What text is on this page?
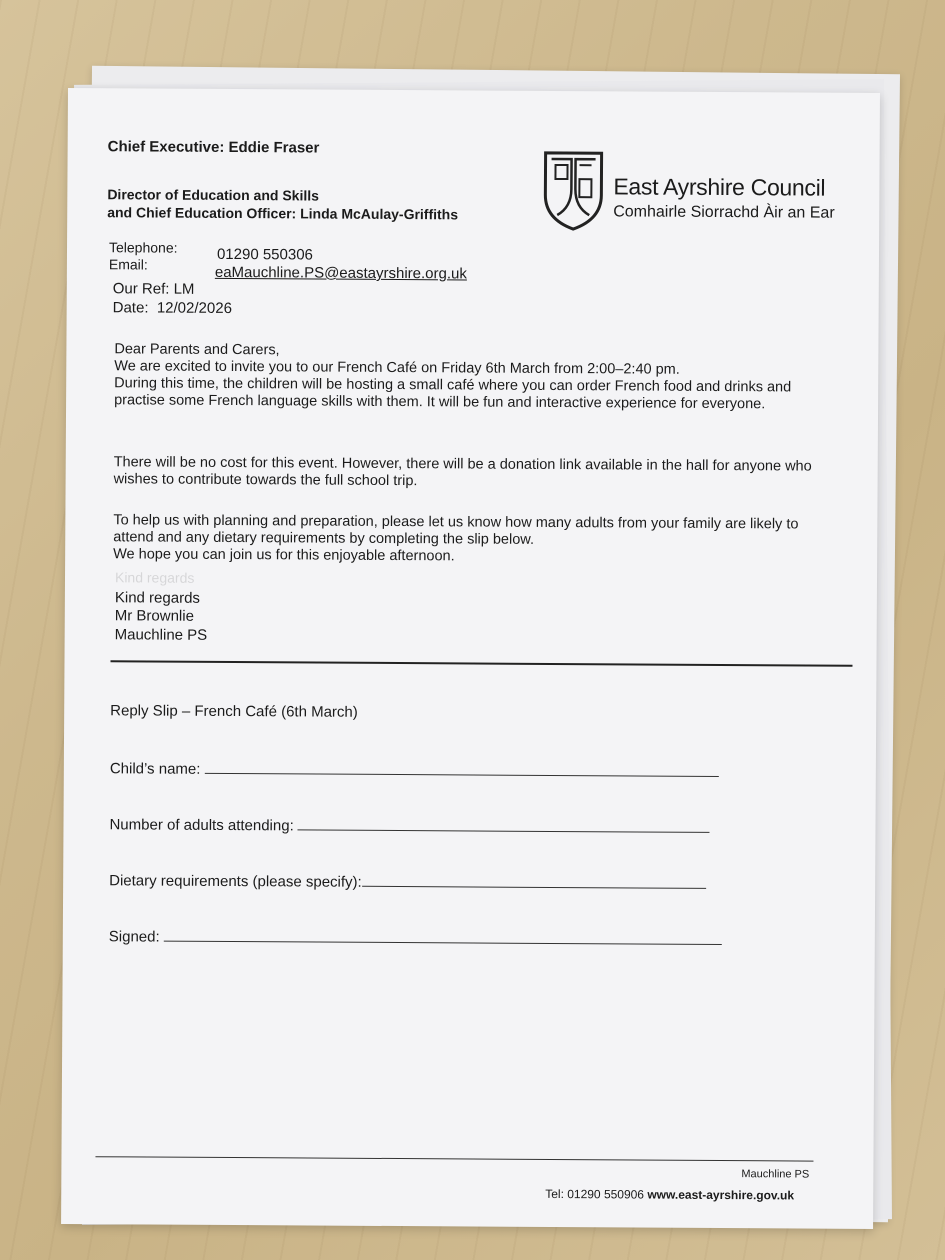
Chief Executive: Eddie Fraser
Director of Education and Skills
and Chief Education Officer: Linda McAulay-Griffiths
East Ayrshire Council
Comhairle Siorrachd Àir an Ear
Telephone:	01290 550306
Email:	eaMauchline.PS@eastayrshire.org.uk
Our Ref: LM
Date: 12/02/2026

Dear Parents and Carers,

We are excited to invite you to our French Café on Friday 6th March from 2:00–2:40 pm.

During this time, the children will be hosting a small café where you can order French food and drinks and practise some French language skills with them. It will be fun and interactive experience for everyone.

There will be no cost for this event. However, there will be a donation link available in the hall for anyone who wishes to contribute towards the full school trip.

To help us with planning and preparation, please let us know how many adults from your family are likely to attend and any dietary requirements by completing the slip below.

We hope you can join us for this enjoyable afternoon.

Kind regards
Kind regards
Mr Brownlie
Mauchline PS
Reply Slip – French Café (6th March)
Child’s name:
Number of adults attending:
Dietary requirements (please specify):
Signed:
Mauchline PS
Tel: 01290 550906 www.east-ayrshire.gov.uk
